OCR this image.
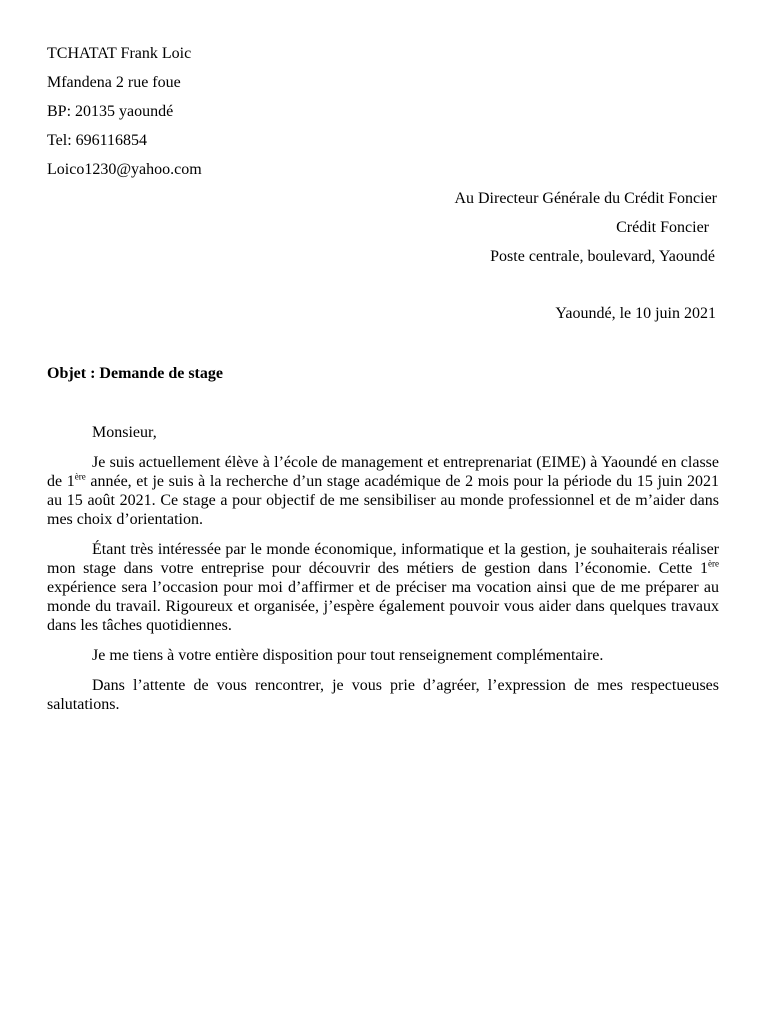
TCHATAT Frank Loic
Mfandena 2 rue foue
BP: 20135 yaoundé
Tel: 696116854
Loico1230@yahoo.com
Au Directeur Générale du Crédit Foncier
Crédit Foncier
Poste centrale, boulevard, Yaoundé
Yaoundé, le 10 juin 2021
Objet : Demande de stage
Monsieur,

Je suis actuellement élève à l’école de management et entreprenariat (EIME) à Yaoundé en classe de 1ère année, et je suis à la recherche d’un stage académique de 2 mois pour la période du 15 juin 2021 au 15 août 2021. Ce stage a pour objectif de me sensibiliser au monde professionnel et de m’aider dans mes choix d’orientation.

Étant très intéressée par le monde économique, informatique et la gestion, je souhaiterais réaliser mon stage dans votre entreprise pour découvrir des métiers de gestion dans l’économie. Cette 1ère expérience sera l’occasion pour moi d’affirmer et de préciser ma vocation ainsi que de me préparer au monde du travail. Rigoureux et organisée, j’espère également pouvoir vous aider dans quelques travaux dans les tâches quotidiennes.

Je me tiens à votre entière disposition pour tout renseignement complémentaire.

Dans l’attente de vous rencontrer, je vous prie d’agréer, l’expression de mes respectueuses salutations.
